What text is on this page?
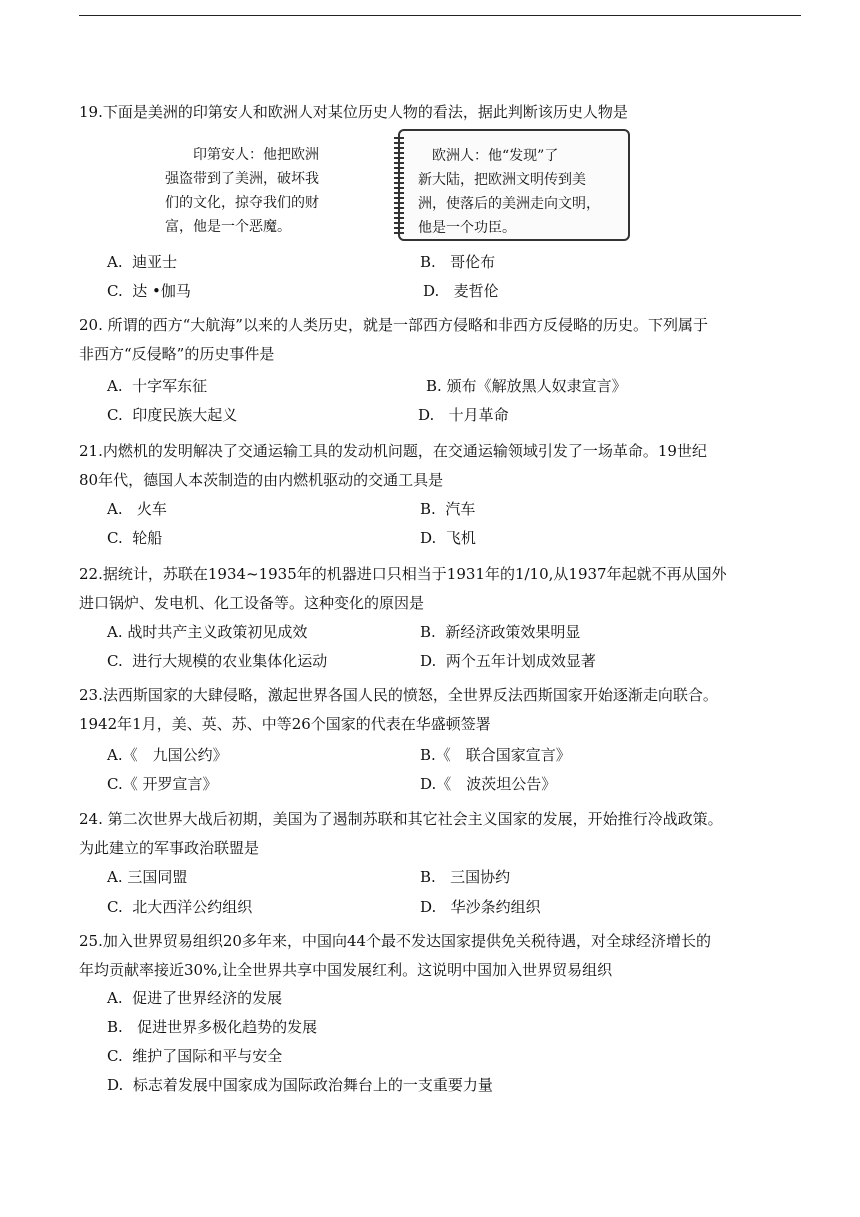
19.下面是美洲的印第安人和欧洲人对某位历史人物的看法，据此判断该历史人物是
　　印第安人：他把欧洲
强盗带到了美洲，破坏我
们的文化，掠夺我们的财
富，他是一个恶魔。
　欧洲人：他“发现”了
新大陆，把欧洲文明传到美
洲，使落后的美洲走向文明，
他是一个功臣。
A. 迪亚士	B. 哥伦布
C. 达 •伽马	D. 麦哲伦
20. 所谓的西方“大航海”以来的人类历史，就是一部西方侵略和非西方反侵略的历史。下列属于
非西方“反侵略”的历史事件是
A. 十字军东征	B. 颁布《解放黑人奴隶宣言》
C. 印度民族大起义	D. 十月革命
21.内燃机的发明解决了交通运输工具的发动机问题，在交通运输领域引发了一场革命。19世纪
80年代，德国人本茨制造的由内燃机驱动的交通工具是
A. 火车	B. 汽车
C. 轮船	D. 飞机
22.据统计，苏联在1934~1935年的机器进口只相当于1931年的1/10,从1937年起就不再从国外
进口锅炉、发电机、化工设备等。这种变化的原因是
A. 战时共产主义政策初见成效	B. 新经济政策效果明显
C. 进行大规模的农业集体化运动	D. 两个五年计划成效显著
23.法西斯国家的大肆侵略，激起世界各国人民的愤怒，全世界反法西斯国家开始逐渐走向联合。
1942年1月，美、英、苏、中等26个国家的代表在华盛顿签署
A.《　九国公约》	B.《　联合国家宣言》
C.《 开罗宣言》	D.《　波茨坦公告》
24. 第二次世界大战后初期，美国为了遏制苏联和其它社会主义国家的发展，开始推行冷战政策。
为此建立的军事政治联盟是
A. 三国同盟	B. 三国协约
C. 北大西洋公约组织	D. 华沙条约组织
25.加入世界贸易组织20多年来，中国向44个最不发达国家提供免关税待遇，对全球经济增长的
年均贡献率接近30%,让全世界共享中国发展红利。这说明中国加入世界贸易组织
A. 促进了世界经济的发展
B. 促进世界多极化趋势的发展
C. 维护了国际和平与安全
D. 标志着发展中国家成为国际政治舞台上的一支重要力量
